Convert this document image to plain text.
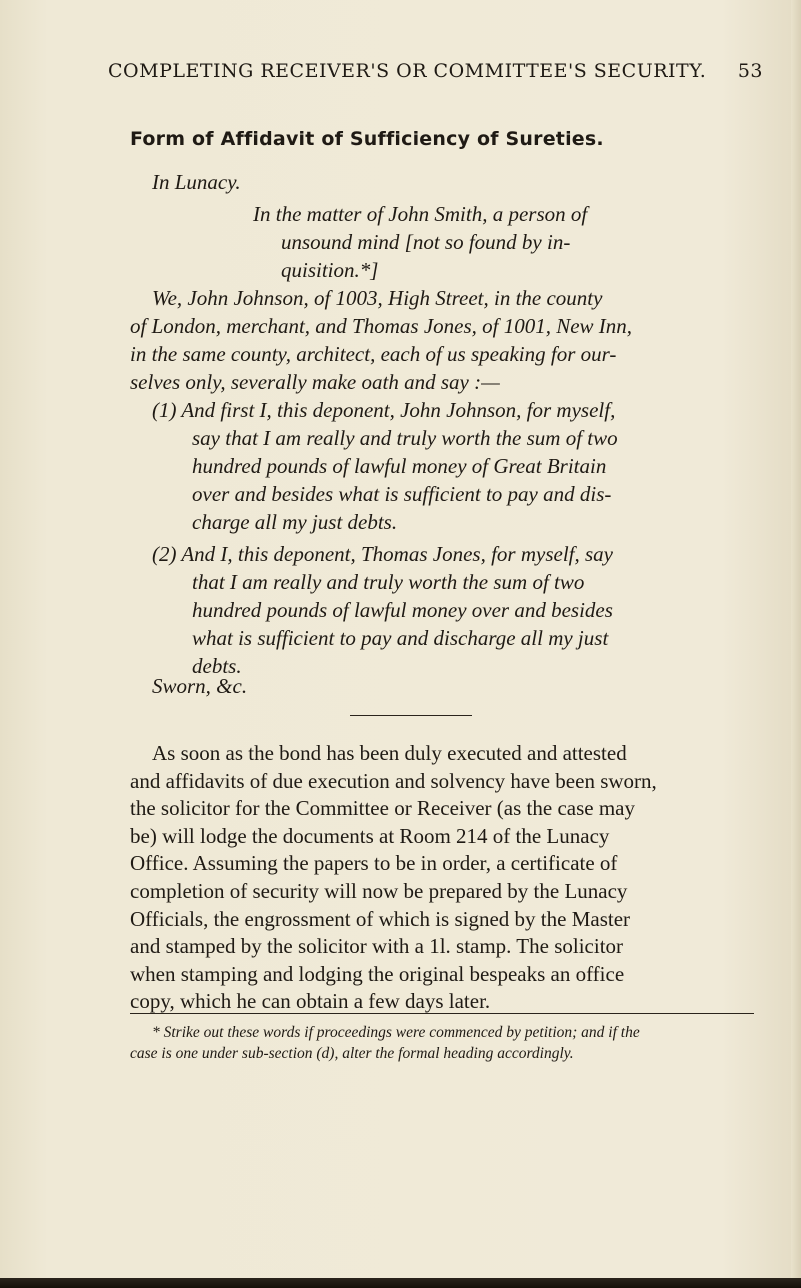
COMPLETING RECEIVER'S OR COMMITTEE'S SECURITY. 53
Form of Affidavit of Sufficiency of Sureties.
In Lunacy.
In the matter of John Smith, a person of
unsound mind [not so found by in-
quisition.*]
We, John Johnson, of 1003, High Street, in the county
of London, merchant, and Thomas Jones, of 1001, New Inn,
in the same county, architect, each of us speaking for our-
selves only, severally make oath and say :—
(1) And first I, this deponent, John Johnson, for myself,
say that I am really and truly worth the sum of two
hundred pounds of lawful money of Great Britain
over and besides what is sufficient to pay and dis-
charge all my just debts.
(2) And I, this deponent, Thomas Jones, for myself, say
that I am really and truly worth the sum of two
hundred pounds of lawful money over and besides
what is sufficient to pay and discharge all my just
debts.
Sworn, &c.
As soon as the bond has been duly executed and attested
and affidavits of due execution and solvency have been sworn,
the solicitor for the Committee or Receiver (as the case may
be) will lodge the documents at Room 214 of the Lunacy
Office. Assuming the papers to be in order, a certificate of
completion of security will now be prepared by the Lunacy
Officials, the engrossment of which is signed by the Master
and stamped by the solicitor with a 1l. stamp. The solicitor
when stamping and lodging the original bespeaks an office
copy, which he can obtain a few days later.
* Strike out these words if proceedings were commenced by petition; and if the
case is one under sub-section (d), alter the formal heading accordingly.
